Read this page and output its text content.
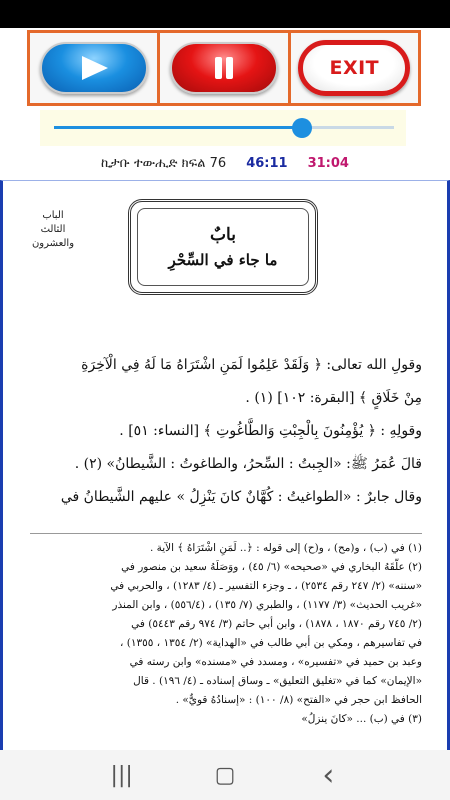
EXIT
ኪታቡ ተውሒድ ክፍል 76 46:11 31:04
الباب
الثالث والعشرون	بابٌ
ما جاء في السِّحْرِ
وقولِ الله تعالى: ﴿ وَلَقَدْ عَلِمُوا لَمَنِ اشْتَرَاهُ مَا لَهُ فِي الْآخِرَةِ
مِنْ خَلَاقٍ ﴾ [البقرة: ١٠٢] (١) .
وقولِهِ : ﴿ يُؤْمِنُونَ بِالْجِبْتِ وَالطَّاغُوتِ ﴾ [النساء: ٥١] .
قالَ عُمَرُ ﷺ: «الجِبتُ : السِّحرُ، والطاغوتُ : الشَّيطانُ» (٢) .
وقال جابرٌ : «الطواغيتُ : كُهَّانٌ كانَ يَنْزِلُ » عليهم الشَّيطانُ في
(١) في (ب) ، و(مح) ، و(ح) إلى قوله : ﴿.. لَمَنِ اشْتَرَاهُ ﴾ الآية .
(٢) علَّقَهُ البخاري في «صحيحه» (٦/ ٤٥) ، ووَصَلَهُ سعيد بن منصور في
«سننه» (٢/ ٢٤٧ رقم ٢٥٣٤) ، ـ وجزء التفسير ـ (٤/ ١٢٨٣) ، والحربي في
«غريب الحديث» (٣/ ١١٧٧) ، والطبري (٧/ ١٣٥) ، (٥٥٦/٤) ، وابن المنذر
(٢/ ٧٤٥ رقم ١٨٧٠ ، ١٨٧٨) ، وابن أبي حاتم (٣/ ٩٧٤ رقم ٥٤٤٣) في
في تفاسيرهم ، ومكي بن أبي طالب في «الهداية» (٢/ ١٣٥٤ ، ١٣٥٥) ،
وعبد بن حميد في «تفسيره» ، ومسدد في «مسنده» وابن رسته في
«الإيمان» كما في «تغليق التعليق» ـ وساق إسناده ـ (٤/ ١٩٦) . قال
الحافظ ابن حجر في «الفتح» (٨/ ١٠٠) : «إسنادُهُ قويٌّ» .
(٣) في (ب) ... «كانَ ينزلُ»
|||	▢	‹
